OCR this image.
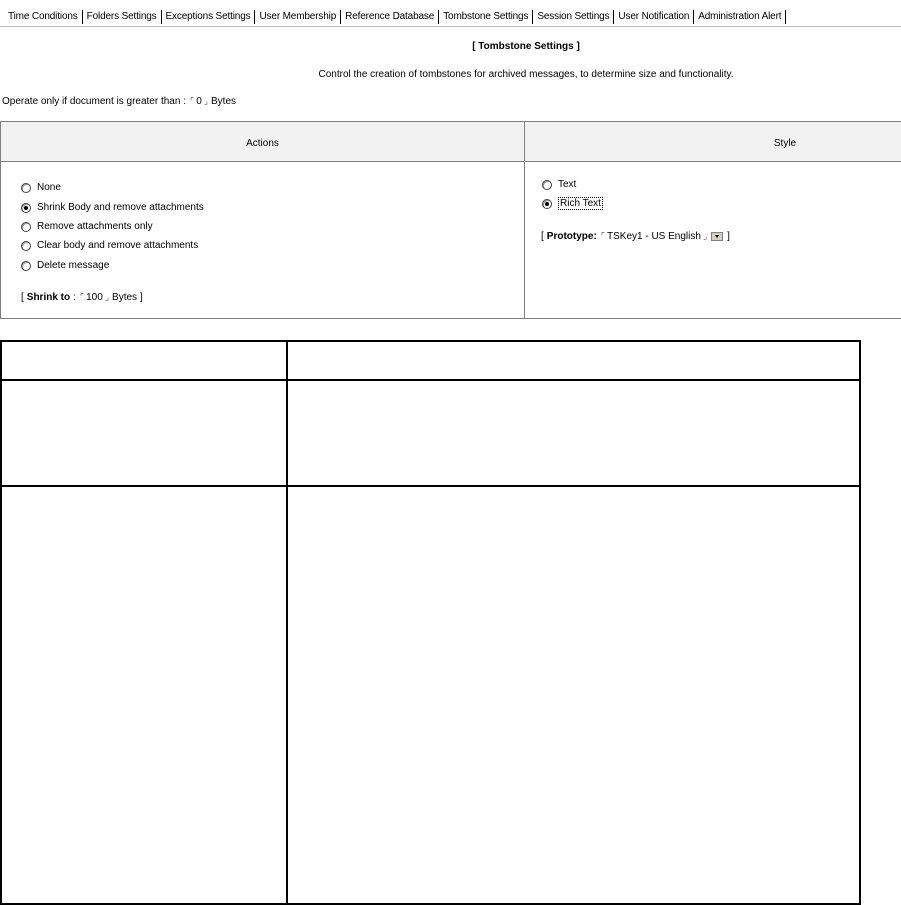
Time Conditions Folders Settings Exceptions Settings User Membership Reference Database Tombstone Settings Session Settings User Notification Administration Alert
[ Tombstone Settings ]
Control the creation of tombstones for archived messages, to determine size and functionality.
Operate only if document is greater than : ⌜ 0 ⌟ Bytes
Actions	Style
None
Shrink Body and remove attachments
Remove attachments only
Clear body and remove attachments
Delete message
[ Shrink to : ⌜ 100 ⌟ Bytes ]
Text
Rich Text
[ Prototype: ⌜ TSKey1 - US English ⌟ ]
